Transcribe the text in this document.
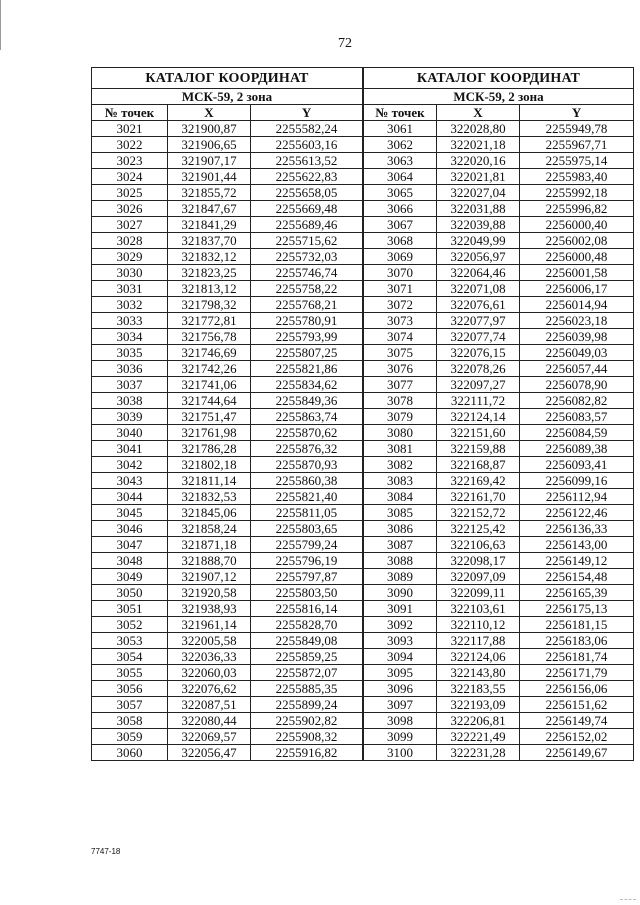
72
КАТАЛОГ КООРДИНАТ		
МСК-59, 2 зона		
№ точек	X	Y
3021	321900,87	2255582,24
3022	321906,65	2255603,16
3023	321907,17	2255613,52
3024	321901,44	2255622,83
3025	321855,72	2255658,05
3026	321847,67	2255669,48
3027	321841,29	2255689,46
3028	321837,70	2255715,62
3029	321832,12	2255732,03
3030	321823,25	2255746,74
3031	321813,12	2255758,22
3032	321798,32	2255768,21
3033	321772,81	2255780,91
3034	321756,78	2255793,99
3035	321746,69	2255807,25
3036	321742,26	2255821,86
3037	321741,06	2255834,62
3038	321744,64	2255849,36
3039	321751,47	2255863,74
3040	321761,98	2255870,62
3041	321786,28	2255876,32
3042	321802,18	2255870,93
3043	321811,14	2255860,38
3044	321832,53	2255821,40
3045	321845,06	2255811,05
3046	321858,24	2255803,65
3047	321871,18	2255799,24
3048	321888,70	2255796,19
3049	321907,12	2255797,87
3050	321920,58	2255803,50
3051	321938,93	2255816,14
3052	321961,14	2255828,70
3053	322005,58	2255849,08
3054	322036,33	2255859,25
3055	322060,03	2255872,07
3056	322076,62	2255885,35
3057	322087,51	2255899,24
3058	322080,44	2255902,82
3059	322069,57	2255908,32
3060	322056,47	2255916,82
КАТАЛОГ КООРДИНАТ		
МСК-59, 2 зона		
№ точек	X	Y
3061	322028,80	2255949,78
3062	322021,18	2255967,71
3063	322020,16	2255975,14
3064	322021,81	2255983,40
3065	322027,04	2255992,18
3066	322031,88	2255996,82
3067	322039,88	2256000,40
3068	322049,99	2256002,08
3069	322056,97	2256000,48
3070	322064,46	2256001,58
3071	322071,08	2256006,17
3072	322076,61	2256014,94
3073	322077,97	2256023,18
3074	322077,74	2256039,98
3075	322076,15	2256049,03
3076	322078,26	2256057,44
3077	322097,27	2256078,90
3078	322111,72	2256082,82
3079	322124,14	2256083,57
3080	322151,60	2256084,59
3081	322159,88	2256089,38
3082	322168,87	2256093,41
3083	322169,42	2256099,16
3084	322161,70	2256112,94
3085	322152,72	2256122,46
3086	322125,42	2256136,33
3087	322106,63	2256143,00
3088	322098,17	2256149,12
3089	322097,09	2256154,48
3090	322099,11	2256165,39
3091	322103,61	2256175,13
3092	322110,12	2256181,15
3093	322117,88	2256183,06
3094	322124,06	2256181,74
3095	322143,80	2256171,79
3096	322183,55	2256156,06
3097	322193,09	2256151,62
3098	322206,81	2256149,74
3099	322221,49	2256152,02
3100	322231,28	2256149,67
7747-18
